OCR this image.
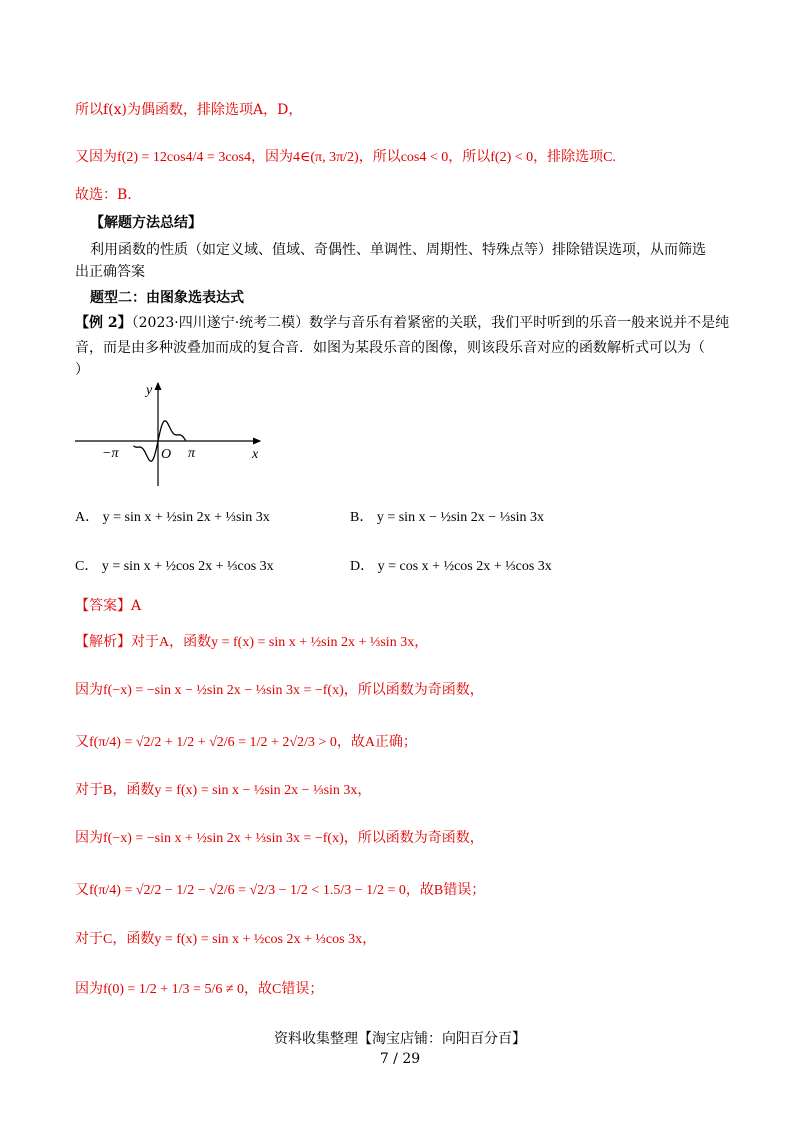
所以f(x)为偶函数，排除选项A，D，
又因为f(2) = 12cos4/4 = 3cos4，因为4∈(π, 3π/2)，所以cos4 < 0，所以f(2) < 0，排除选项C.
故选：B.
【解题方法总结】
利用函数的性质（如定义域、值域、奇偶性、单调性、周期性、特殊点等）排除错误选项，从而筛选
出正确答案
题型二：由图象选表达式
【例 2】（2023·四川遂宁·统考二模）数学与音乐有着紧密的关联，我们平时听到的乐音一般来说并不是纯
音，而是由多种波叠加而成的复合音．如图为某段乐音的图像，则该段乐音对应的函数解析式可以为（
）
y
x
O
−π	π
A． y = sin x + ½sin 2x + ⅓sin 3x	B． y = sin x − ½sin 2x − ⅓sin 3x
C． y = sin x + ½cos 2x + ⅓cos 3x	D． y = cos x + ½cos 2x + ⅓cos 3x
【答案】A
【解析】对于A，函数y = f(x) = sin x + ½sin 2x + ⅓sin 3x，
因为f(−x) = −sin x − ½sin 2x − ⅓sin 3x = −f(x)，所以函数为奇函数，
又f(π/4) = √2/2 + 1/2 + √2/6 = 1/2 + 2√2/3 > 0，故A正确；
对于B，函数y = f(x) = sin x − ½sin 2x − ⅓sin 3x，
因为f(−x) = −sin x + ½sin 2x + ⅓sin 3x = −f(x)，所以函数为奇函数，
又f(π/4) = √2/2 − 1/2 − √2/6 = √2/3 − 1/2 < 1.5/3 − 1/2 = 0，故B错误；
对于C，函数y = f(x) = sin x + ½cos 2x + ⅓cos 3x，
因为f(0) = 1/2 + 1/3 = 5/6 ≠ 0，故C错误；
资料收集整理【淘宝店铺：向阳百分百】
7 / 29
